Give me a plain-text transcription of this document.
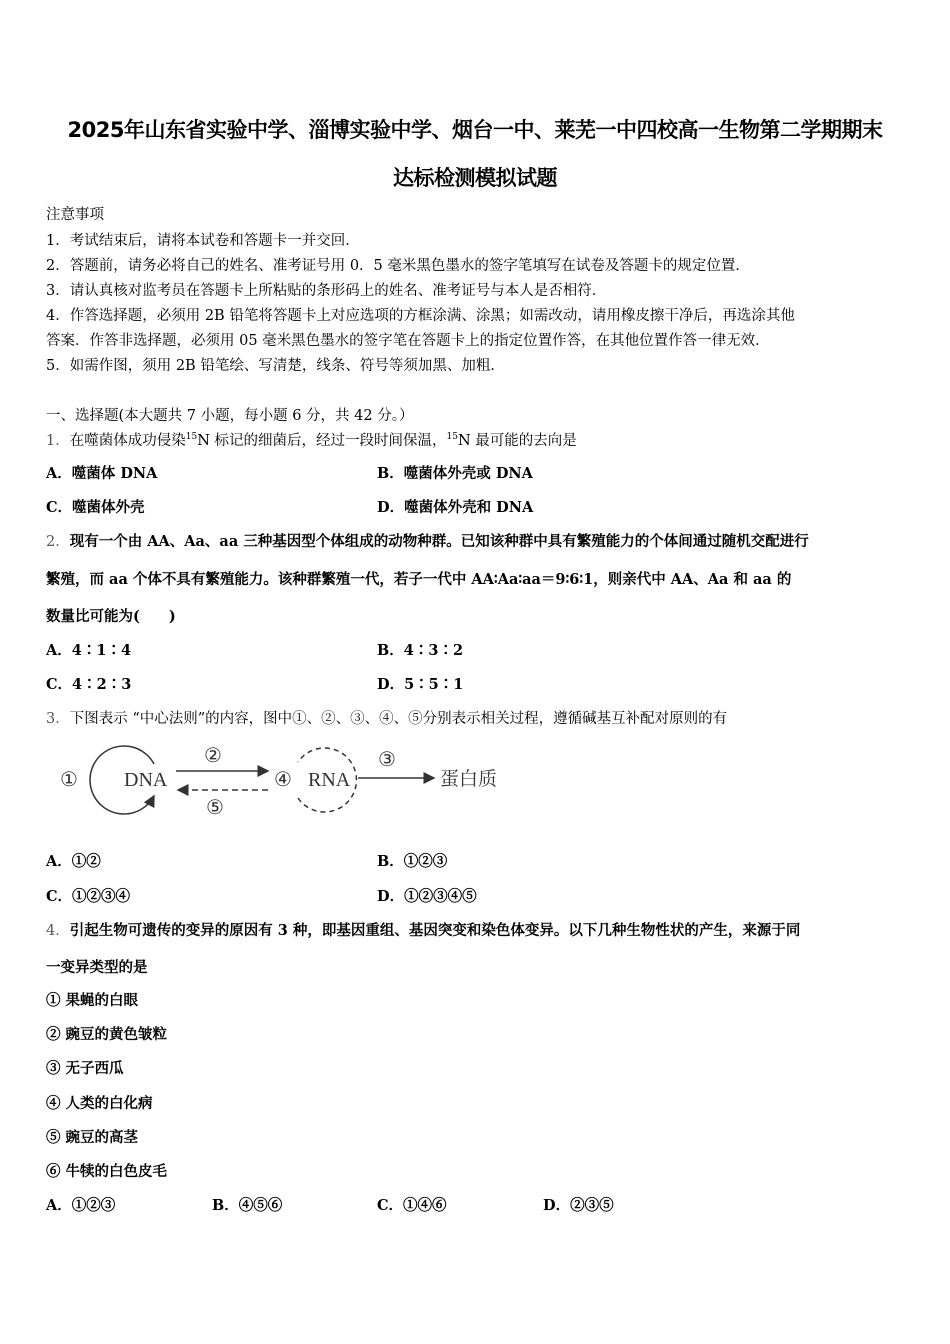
2025年山东省实验中学、淄博实验中学、烟台一中、莱芜一中四校高一生物第二学期期末
达标检测模拟试题
注意事项
1．考试结束后，请将本试卷和答题卡一并交回．
2．答题前，请务必将自己的姓名、准考证号用 0．5 毫米黑色墨水的签字笔填写在试卷及答题卡的规定位置．
3．请认真核对监考员在答题卡上所粘贴的条形码上的姓名、准考证号与本人是否相符．
4．作答选择题，必须用 2B 铅笔将答题卡上对应选项的方框涂满、涂黑；如需改动，请用橡皮擦干净后，再选涂其他
答案．作答非选择题，必须用 05 毫米黑色墨水的签字笔在答题卡上的指定位置作答，在其他位置作答一律无效．
5．如需作图，须用 2B 铅笔绘、写清楚，线条、符号等须加黑、加粗．
一、选择题(本大题共 7 小题，每小题 6 分，共 42 分。）
1．在噬菌体成功侵染$^{15}$N 标记的细菌后，经过一段时间保温，$^{15}$N 最可能的去向是
A．噬菌体 DNA	B．噬菌体外壳或 DNA
C．噬菌体外壳	D．噬菌体外壳和 DNA
2．现有一个由 AA、Aa、aa 三种基因型个体组成的动物种群。已知该种群中具有繁殖能力的个体间通过随机交配进行
繁殖，而 aa 个体不具有繁殖能力。该种群繁殖一代，若子一代中 AA∶Aa∶aa＝9∶6∶1，则亲代中 AA、Aa 和 aa 的
数量比可能为(　　)
A．4∶1∶4	B．4∶3∶2
C．4∶2∶3	D．5∶5∶1
3．下图表示 “中心法则”的内容，图中①、②、③、④、⑤分别表示相关过程，遵循碱基互补配对原则的有
① DNA
②
⑤
④ RNA
③
蛋白质
A．①②	B．①②③
C．①②③④	D．①②③④⑤
4．引起生物可遗传的变异的原因有 3 种，即基因重组、基因突变和染色体变异。以下几种生物性状的产生，来源于同
一变异类型的是
① 果蝇的白眼
② 豌豆的黄色皱粒
③ 无子西瓜
④ 人类的白化病
⑤ 豌豆的高茎
⑥ 牛犊的白色皮毛
A．①②③	B．④⑤⑥	C．①④⑥	D．②③⑤
